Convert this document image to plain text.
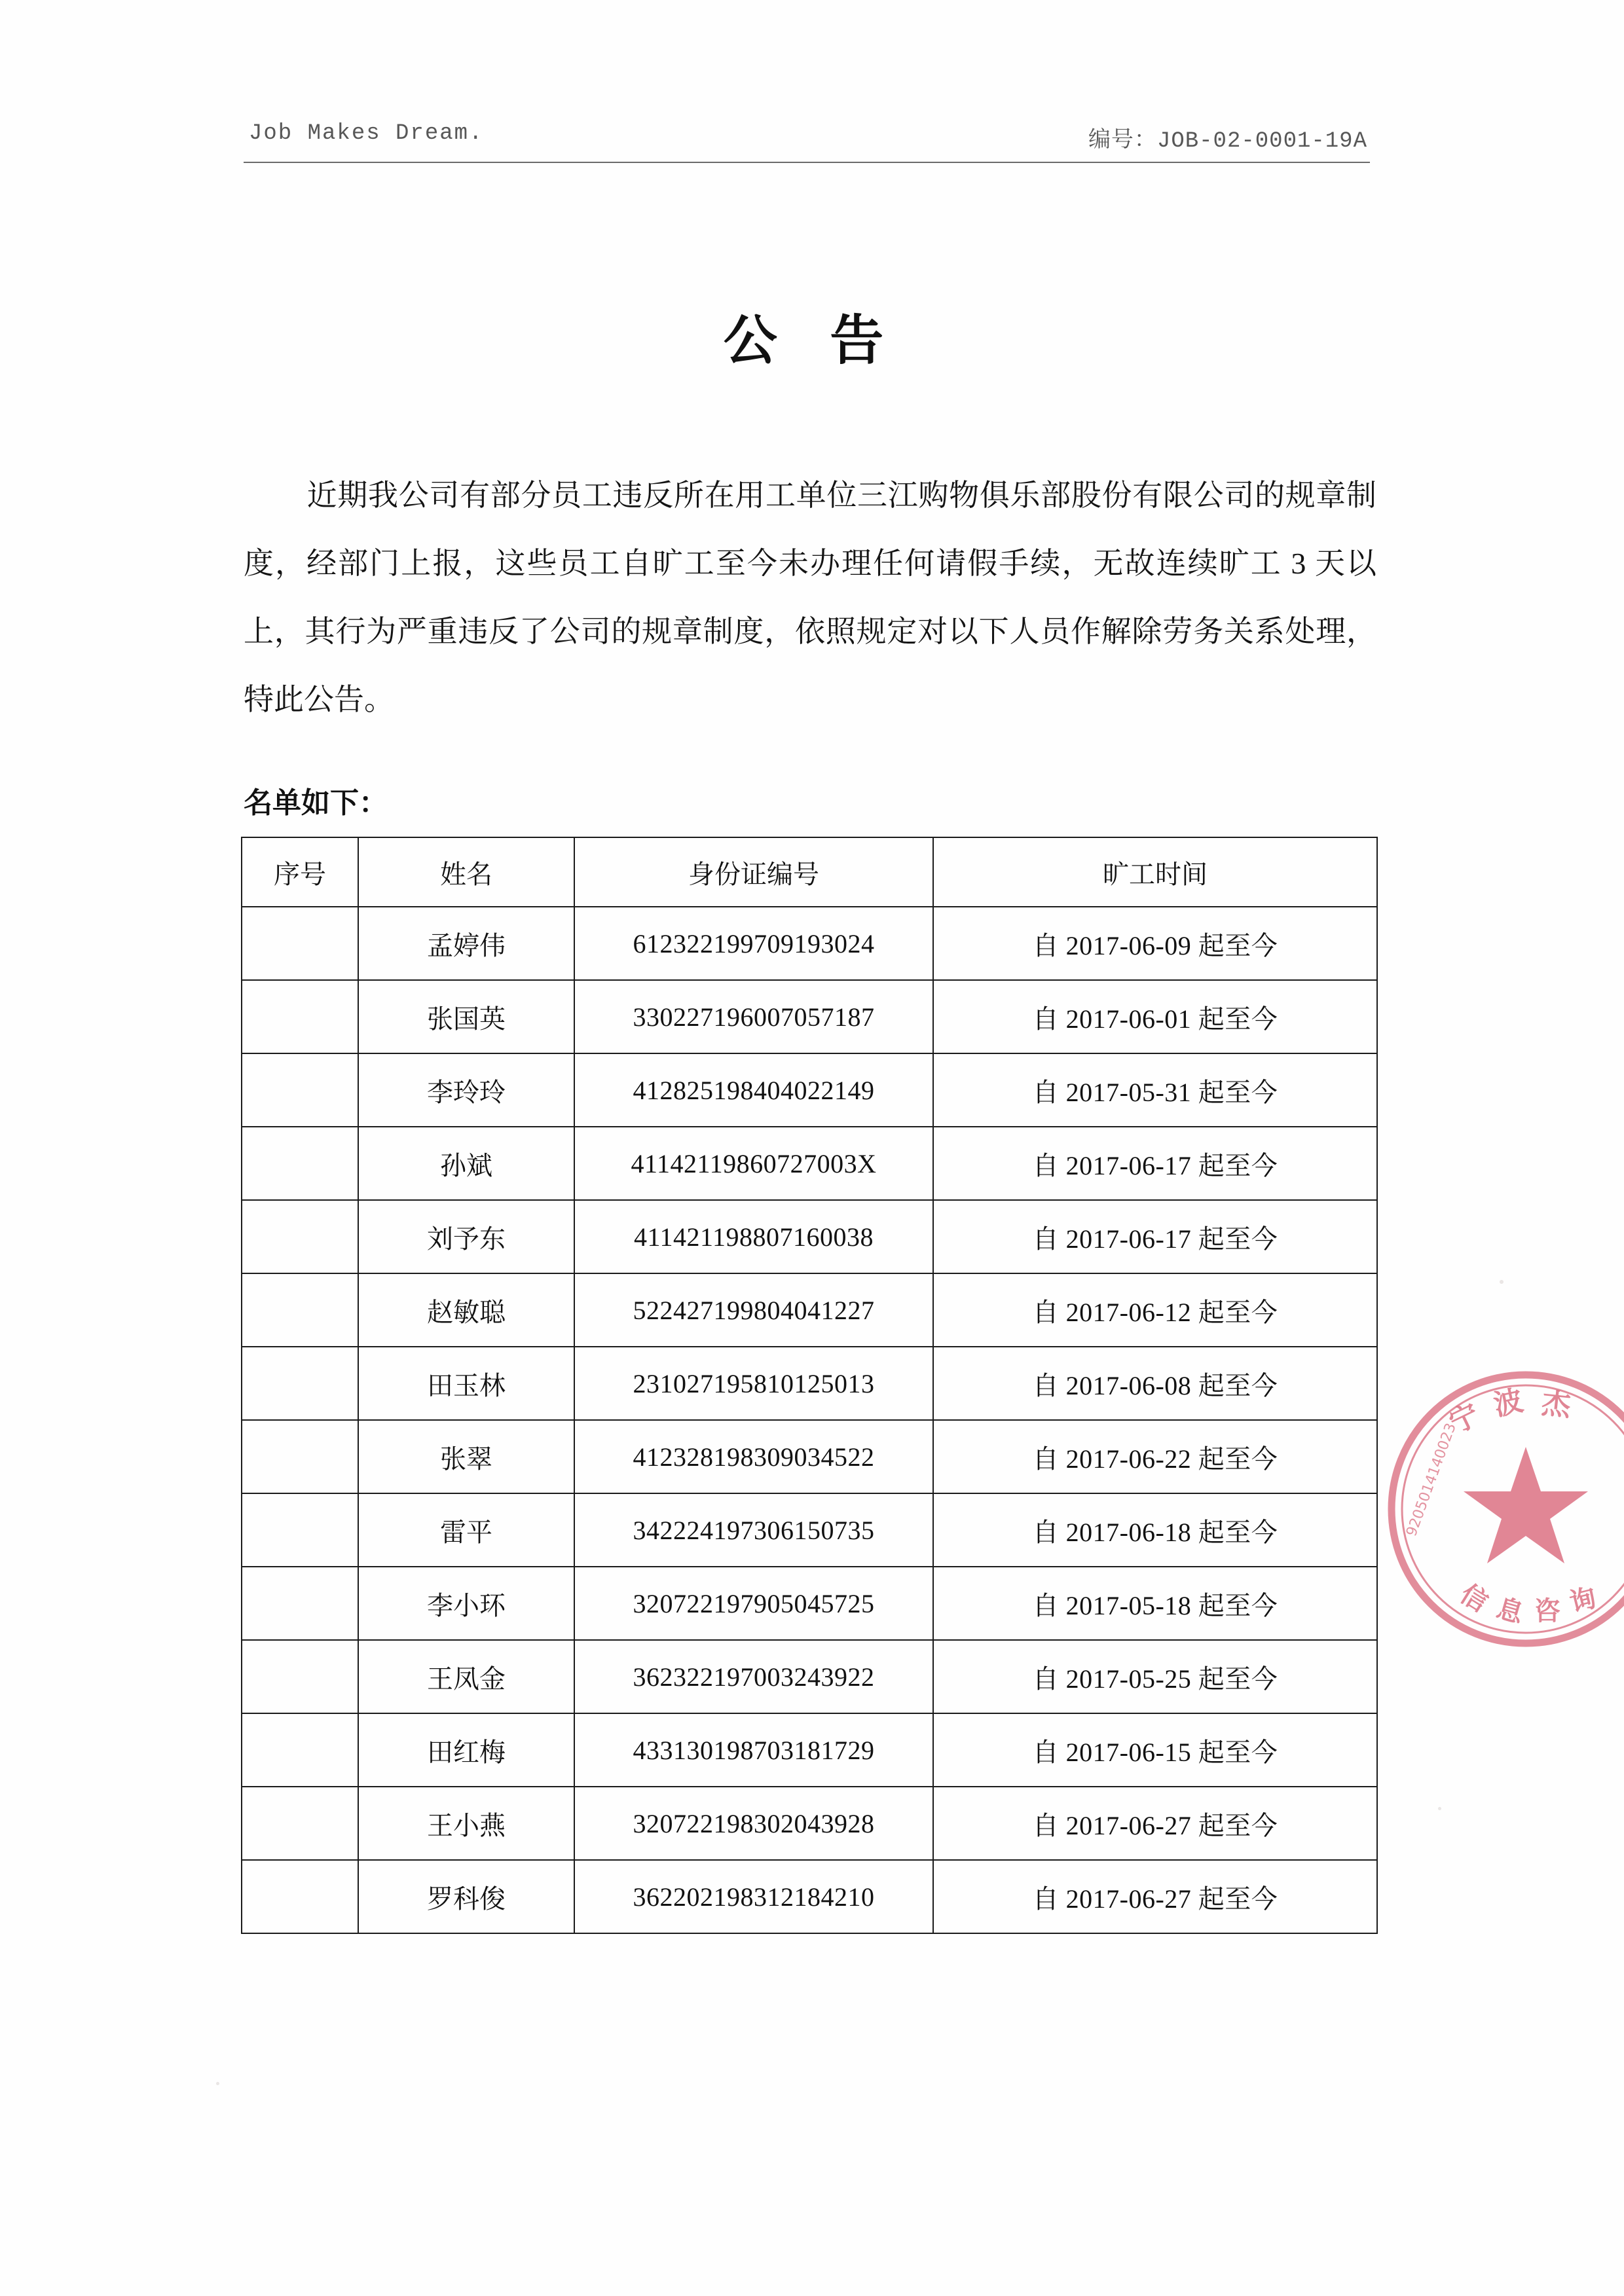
Job Makes Dream.	编号：JOB-02-0001-19A
公 告
近期我公司有部分员工违反所在用工单位三江购物俱乐部股份有限公司的规章制度，经部门上报，这些员工自旷工至今未办理任何请假手续，无故连续旷工 3 天以上，其行为严重违反了公司的规章制度，依照规定对以下人员作解除劳务关系处理，特此公告。
名单如下：
序号	姓名	身份证编号	旷工时间
	孟婷伟	612322199709193024	自 2017-06-09 起至今
	张国英	330227196007057187	自 2017-06-01 起至今
	李玲玲	412825198404022149	自 2017-05-31 起至今
	孙斌	41142119860727003X	自 2017-06-17 起至今
	刘予东	411421198807160038	自 2017-06-17 起至今
	赵敏聪	522427199804041227	自 2017-06-12 起至今
	田玉林	231027195810125013	自 2017-06-08 起至今
	张翠	412328198309034522	自 2017-06-22 起至今
	雷平	342224197306150735	自 2017-06-18 起至今
	李小环	320722197905045725	自 2017-05-18 起至今
	王凤金	362322197003243922	自 2017-05-25 起至今
	田红梅	433130198703181729	自 2017-06-15 起至今
	王小燕	320722198302043928	自 2017-06-27 起至今
	罗科俊	362202198312184210	自 2017-06-27 起至今
宁 波 杰
信 息 咨 询
9205014140023
